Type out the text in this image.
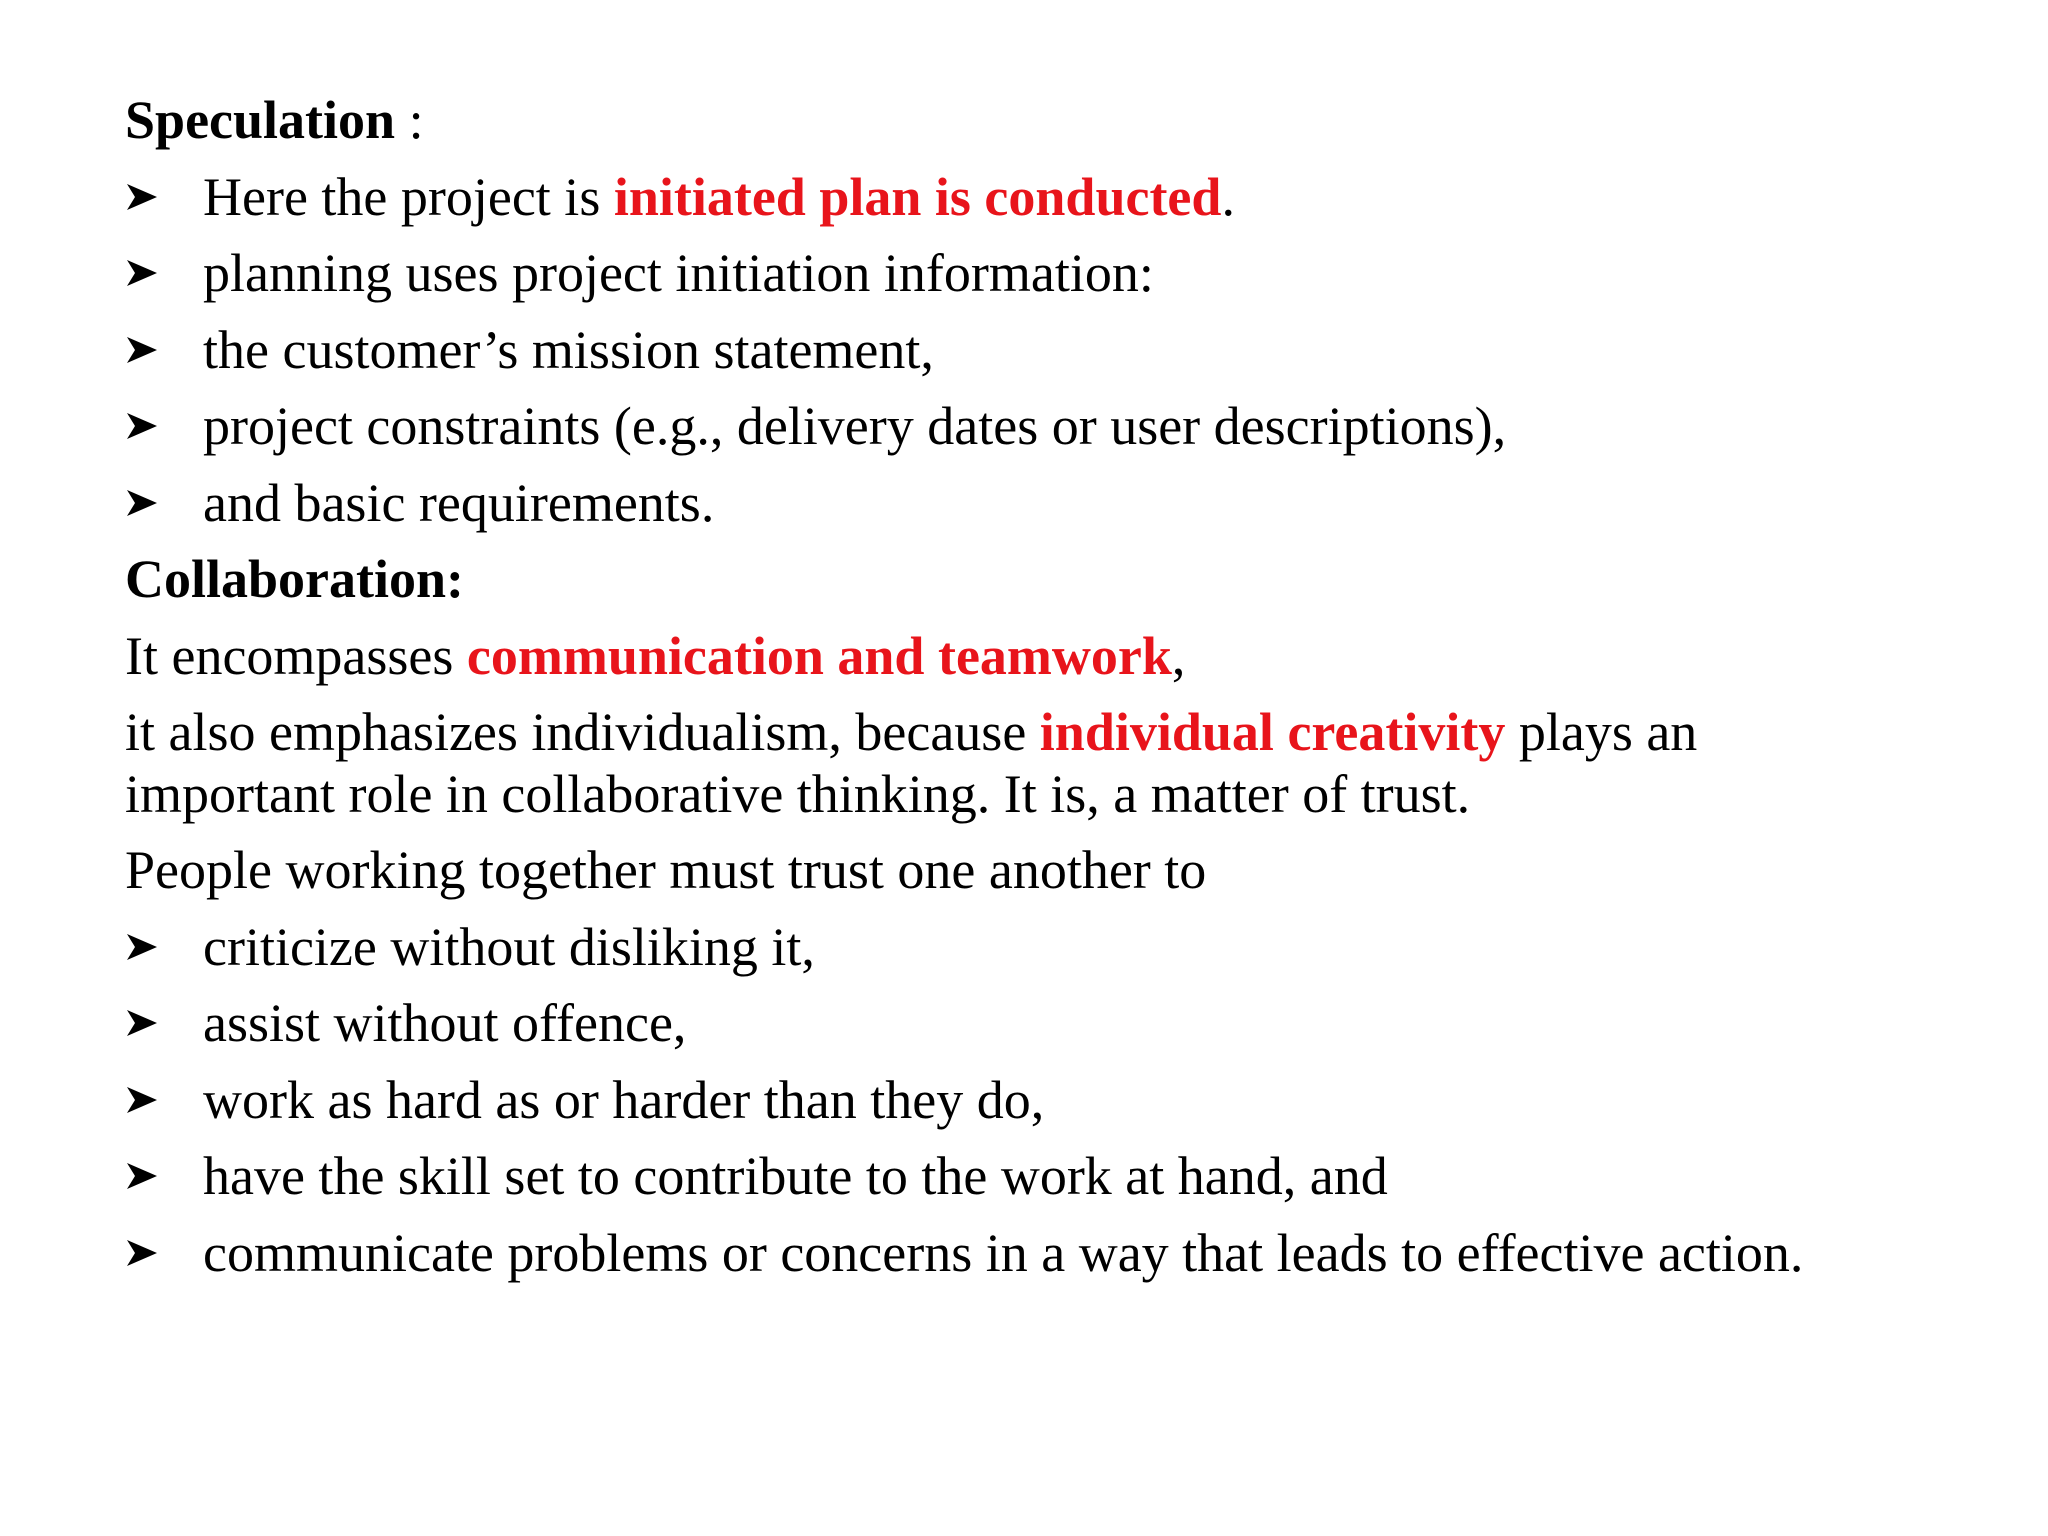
Speculation :
Here the project is initiated plan is conducted.
planning uses project initiation information:
the customer’s mission statement,
project constraints (e.g., delivery dates or user descriptions),
and basic requirements.
Collaboration:
It encompasses communication and teamwork,
it also emphasizes individualism, because individual creativity plays an
important role in collaborative thinking. It is, a matter of trust.
People working together must trust one another to
criticize without disliking it,
assist without offence,
work as hard as or harder than they do,
have the skill set to contribute to the work at hand, and
communicate problems or concerns in a way that leads to effective action.
